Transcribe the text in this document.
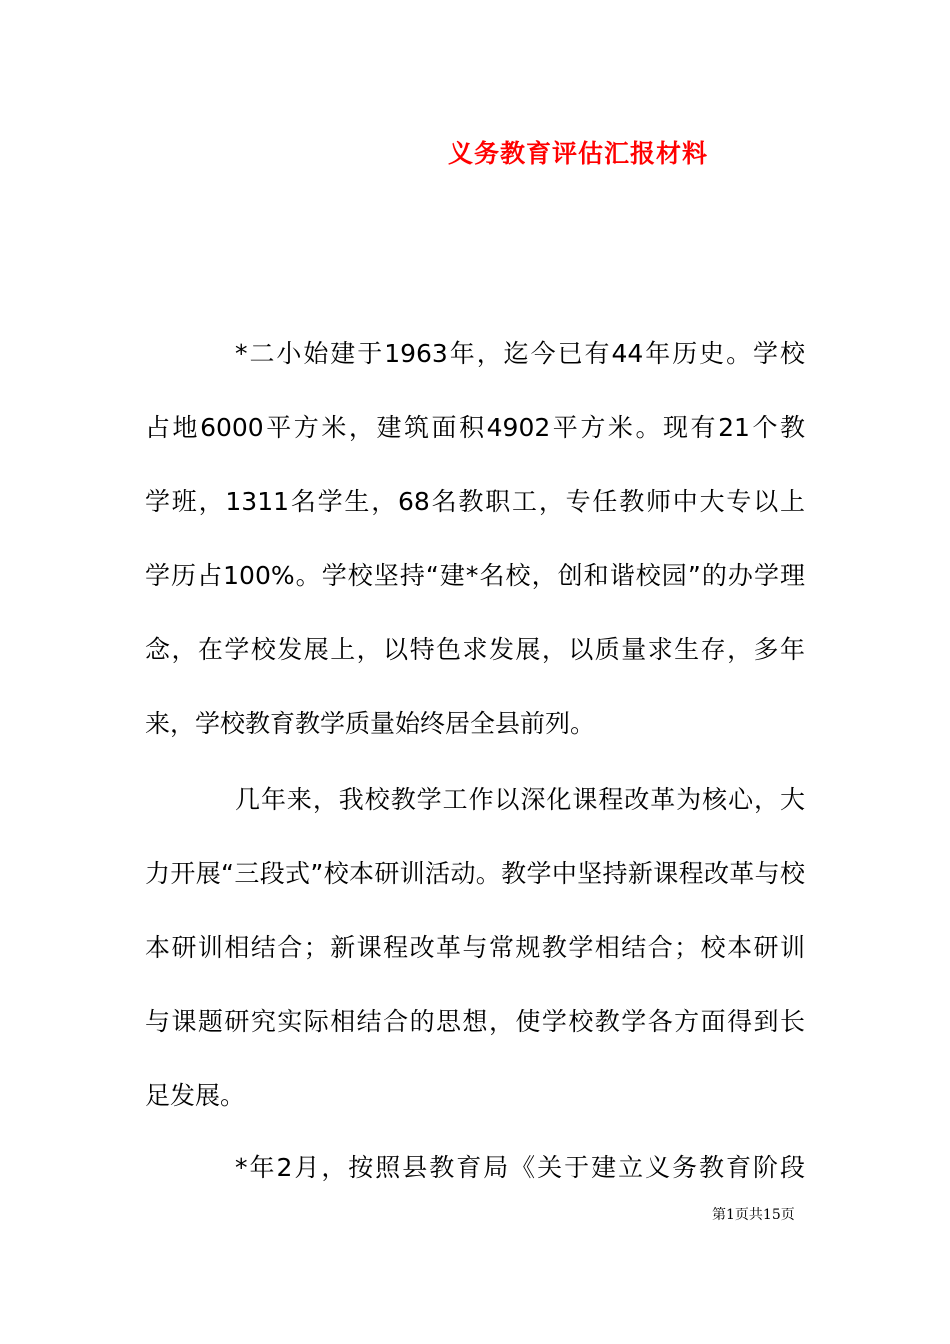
义务教育评估汇报材料
*二小始建于1963年，迄今已有44年历史。学校
占地6000平方米，建筑面积4902平方米。现有21个教
学班，1311名学生，68名教职工，专任教师中大专以上
学历占100%。学校坚持“建*名校，创和谐校园”的办学理
念，在学校发展上，以特色求发展，以质量求生存，多年
来，学校教育教学质量始终居全县前列。
几年来，我校教学工作以深化课程改革为核心，大
力开展“三段式”校本研训活动。教学中坚持新课程改革与校
本研训相结合；新课程改革与常规教学相结合；校本研训
与课题研究实际相结合的思想，使学校教学各方面得到长
足发展。
*年2月，按照县教育局《关于建立义务教育阶段
第1页共15页
